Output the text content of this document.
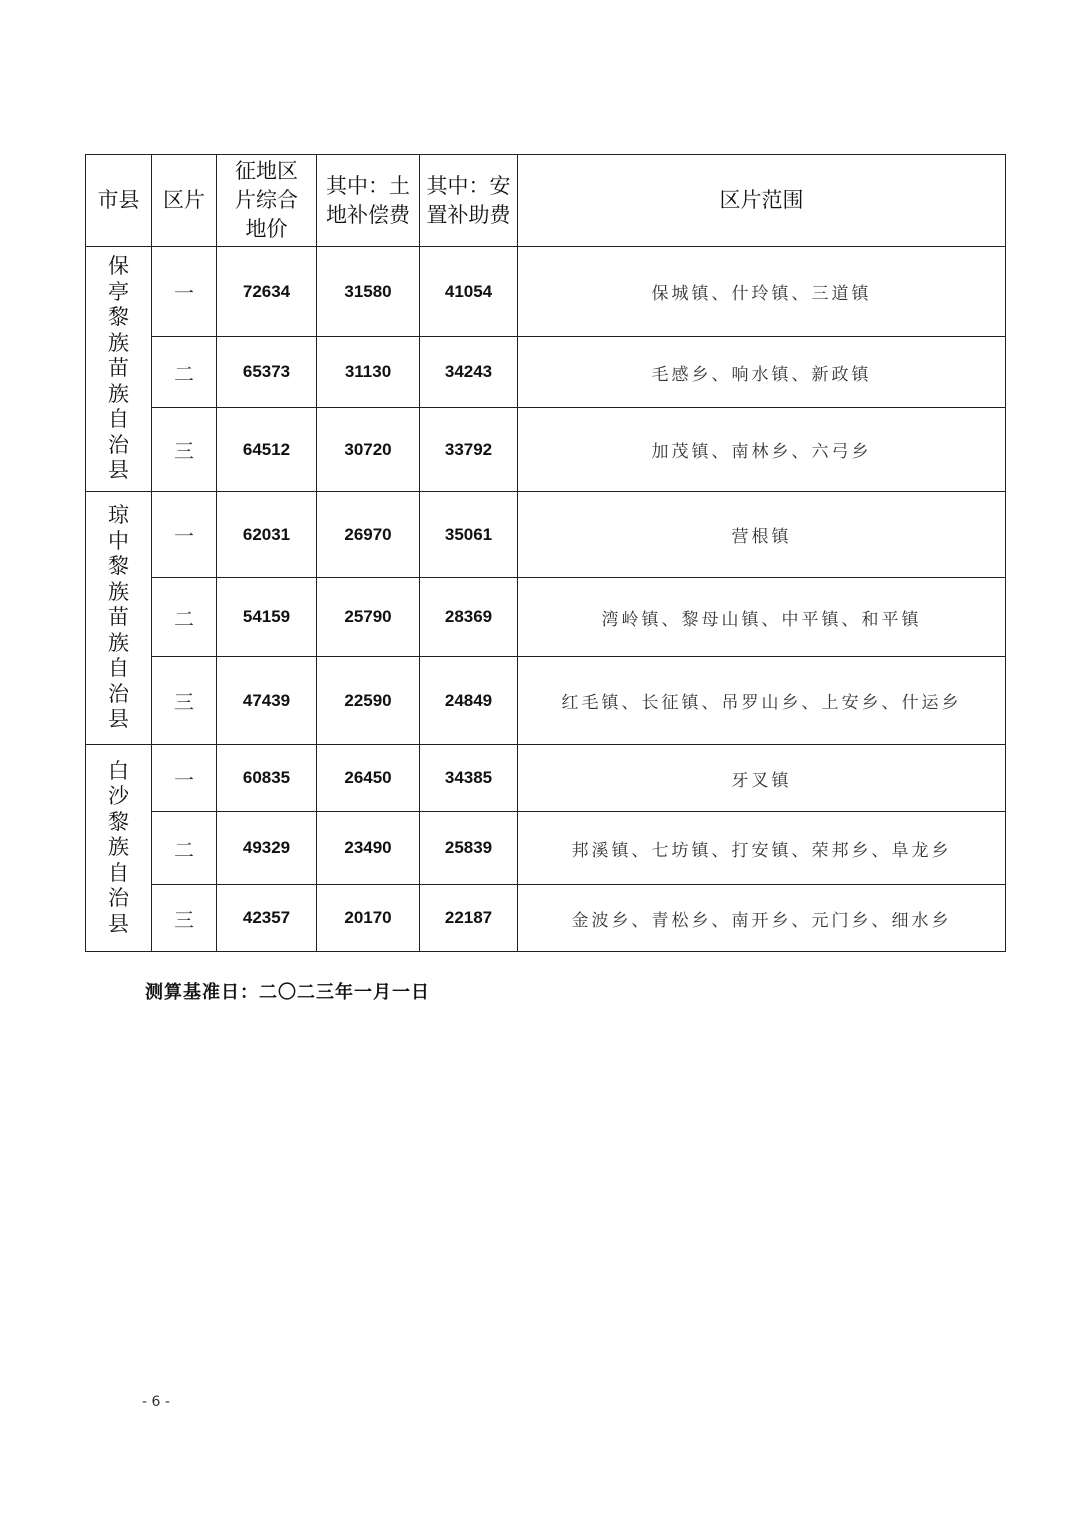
市县	区片	征地区片综合地价	其中：土地补偿费	其中：安置补助费	区片范围

保亭黎族苗族自治县	一	72634	31580	41054	保城镇、什玲镇、三道镇
	二	65373	31130	34243	毛感乡、响水镇、新政镇
	三	64512	30720	33792	加茂镇、南林乡、六弓乡

琼中黎族苗族自治县	一	62031	26970	35061	营根镇
	二	54159	25790	28369	湾岭镇、黎母山镇、中平镇、和平镇
	三	47439	22590	24849	红毛镇、长征镇、吊罗山乡、上安乡、什运乡

白沙黎族自治县	一	60835	26450	34385	牙叉镇
	二	49329	23490	25839	邦溪镇、七坊镇、打安镇、荣邦乡、阜龙乡
	三	42357	20170	22187	金波乡、青松乡、南开乡、元门乡、细水乡
测算基准日：二〇二三年一月一日
- 6 -
